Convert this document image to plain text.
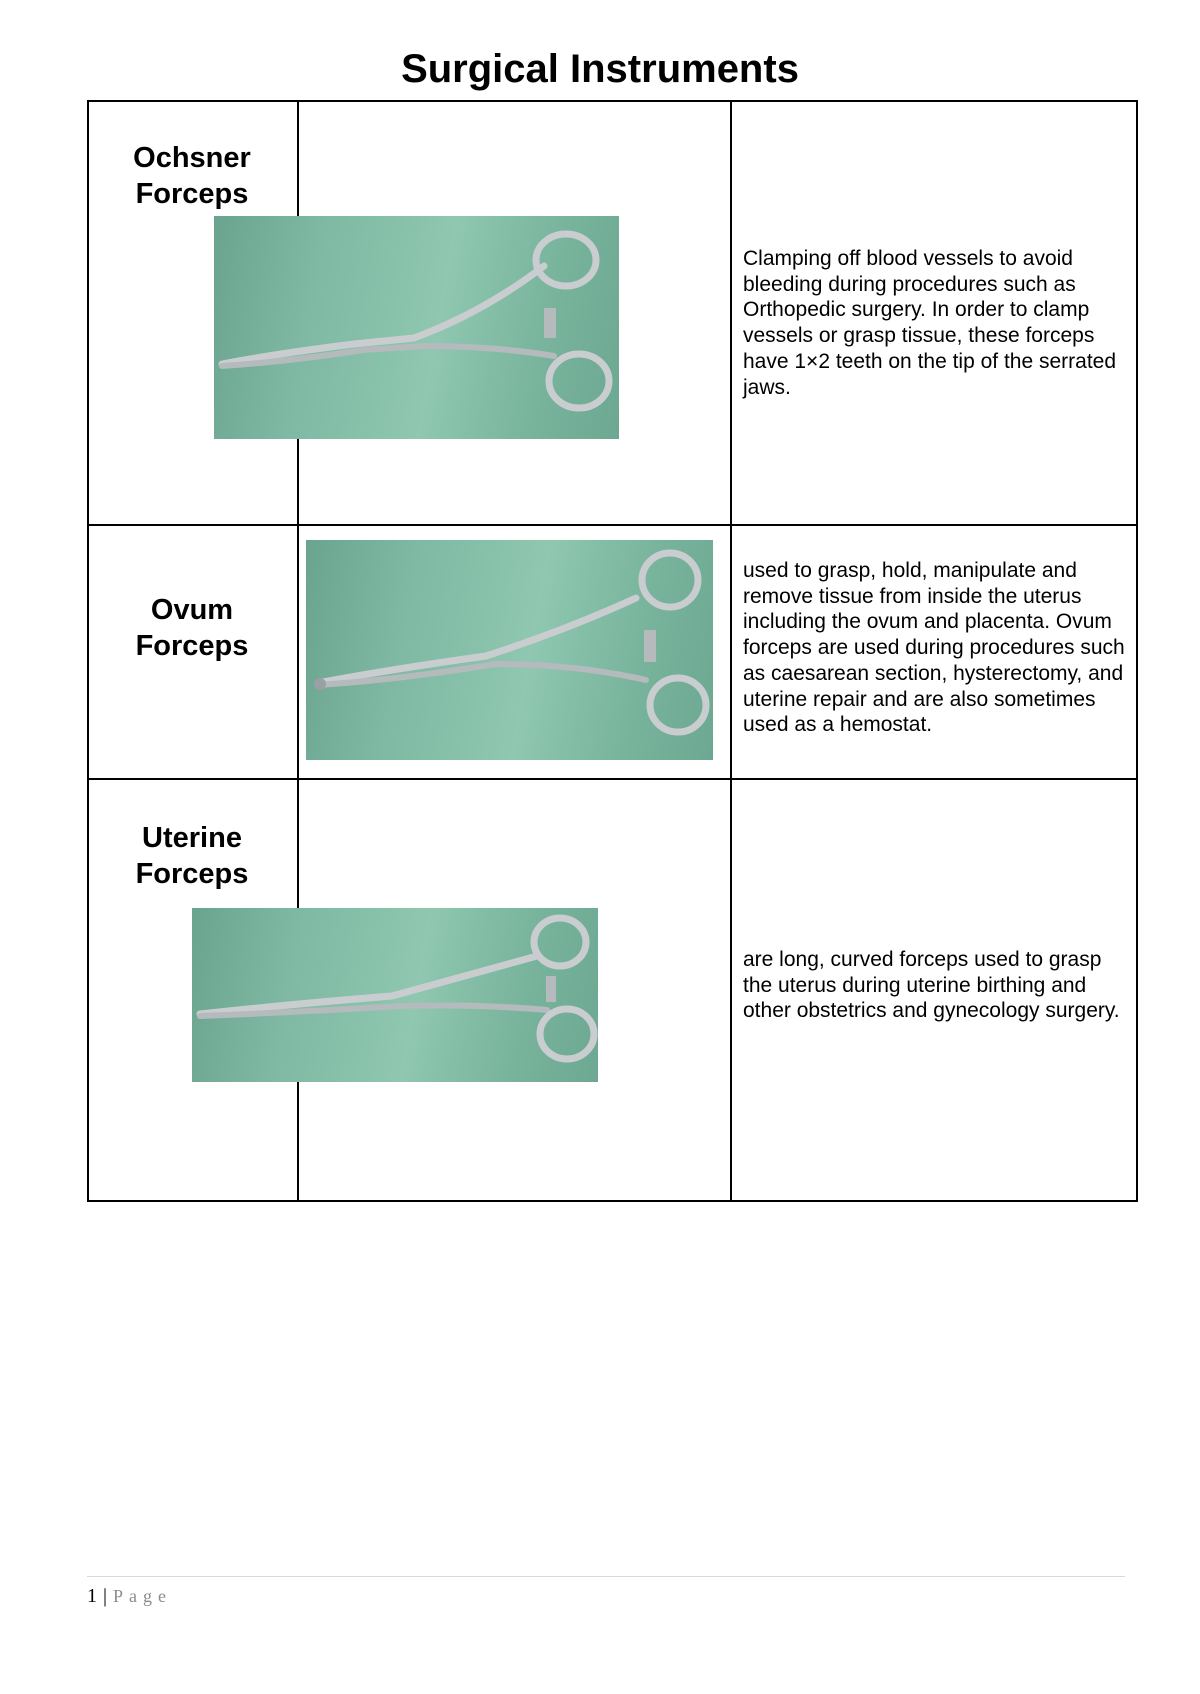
Surgical Instruments

Ochsner
Forceps

Clamping off blood vessels to avoid bleeding during procedures such as Orthopedic surgery. In order to clamp vessels or grasp tissue, these forceps have 1×2 teeth on the tip of the serrated jaws.

Ovum
Forceps

used to grasp, hold, manipulate and remove tissue from inside the uterus including the ovum and placenta. Ovum forceps are used during procedures such as caesarean section, hysterectomy, and uterine repair and are also sometimes used as a hemostat.

Uterine
Forceps

are long, curved forceps used to grasp the uterus during uterine birthing and other obstetrics and gynecology surgery.

1 | Page
